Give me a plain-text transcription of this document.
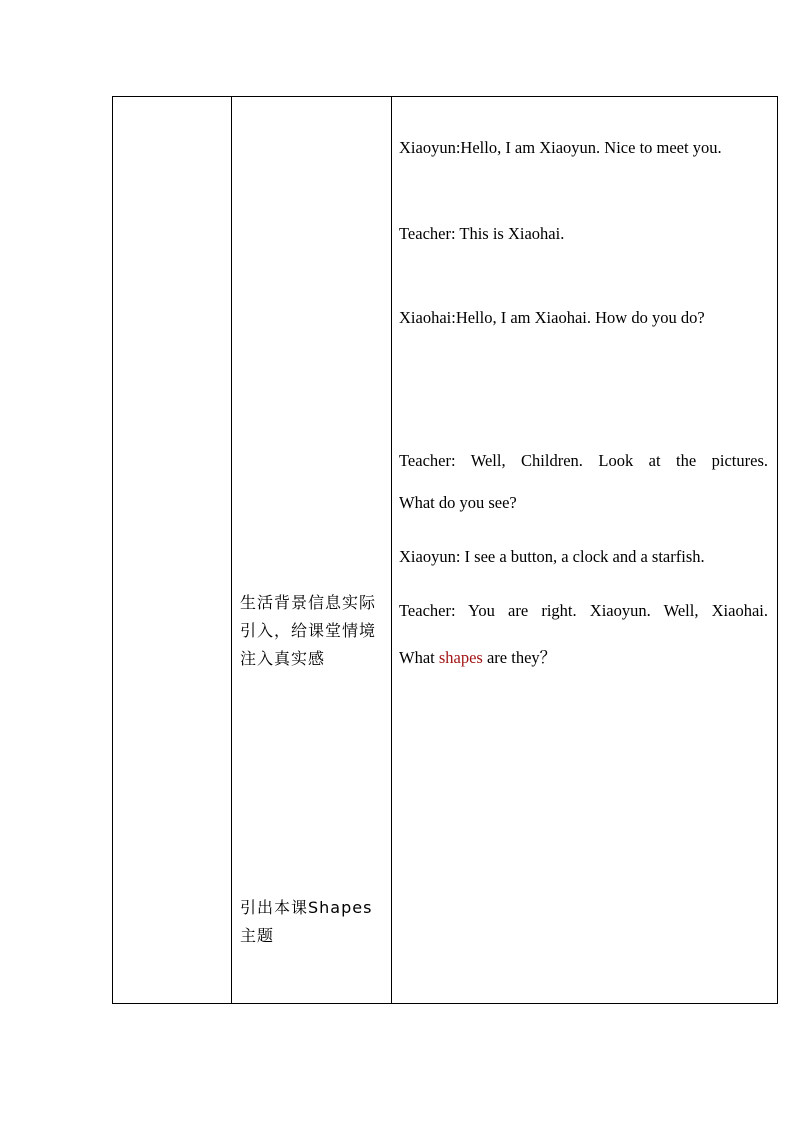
生活背景信息实际引入，给课堂情境注入真实感
引出本课Shapes主题
Xiaoyun:Hello, I am Xiaoyun. Nice to meet you.
Teacher: This is Xiaohai.
Xiaohai:Hello, I am Xiaohai. How do you do?
Teacher: Well, Children. Look at the pictures.
What do you see?
Xiaoyun: I see a button, a clock and a starfish.
Teacher: You are right. Xiaoyun. Well, Xiaohai.
What shapes are they？
